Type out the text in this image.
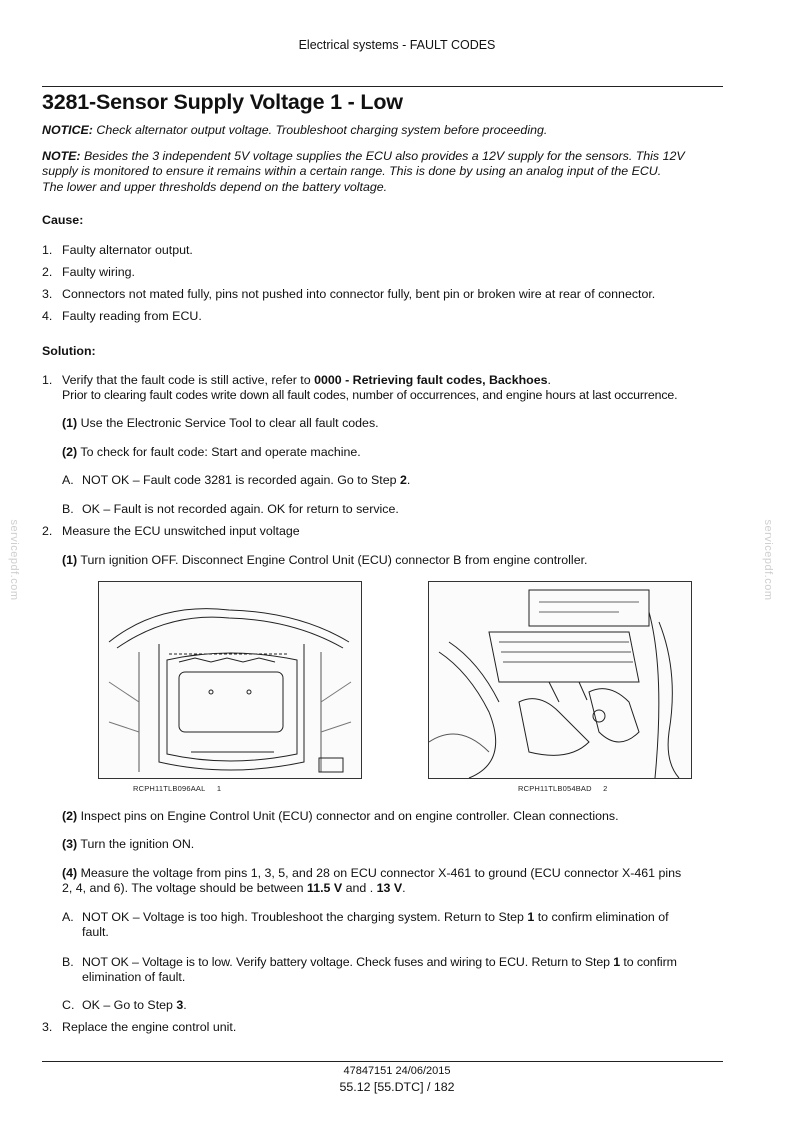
Electrical systems - FAULT CODES
3281-Sensor Supply Voltage 1 - Low
NOTICE: Check alternator output voltage. Troubleshoot charging system before proceeding.
NOTE: Besides the 3 independent 5V voltage supplies the ECU also provides a 12V supply for the sensors. This 12V
supply is monitored to ensure it remains within a certain range. This is done by using an analog input of the ECU.
The lower and upper thresholds depend on the battery voltage.
Cause:
1. Faulty alternator output.
2. Faulty wiring.
3. Connectors not mated fully, pins not pushed into connector fully, bent pin or broken wire at rear of connector.
4. Faulty reading from ECU.
Solution:
1. Verify that the fault code is still active, refer to 0000 - Retrieving fault codes, Backhoes.
Prior to clearing fault codes write down all fault codes, number of occurrences, and engine hours at last occurrence.
(1) Use the Electronic Service Tool to clear all fault codes.
(2) To check for fault code: Start and operate machine.
A. NOT OK – Fault code 3281 is recorded again. Go to Step 2.
B. OK – Fault is not recorded again. OK for return to service.
2. Measure the ECU unswitched input voltage
(1) Turn ignition OFF. Disconnect Engine Control Unit (ECU) connector B from engine controller.
RCPH11TLB096AAL 1	RCPH11TLB054BAD 2
(2) Inspect pins on Engine Control Unit (ECU) connector and on engine controller. Clean connections.
(3) Turn the ignition ON.
(4) Measure the voltage from pins 1, 3, 5, and 28 on ECU connector X-461 to ground (ECU connector X-461 pins
2, 4, and 6). The voltage should be between 11.5 V and . 13 V.
A. NOT OK – Voltage is too high. Troubleshoot the charging system. Return to Step 1 to confirm elimination of
fault.
B. NOT OK – Voltage is to low. Verify battery voltage. Check fuses and wiring to ECU. Return to Step 1 to confirm
elimination of fault.
C. OK – Go to Step 3.
3. Replace the engine control unit.
servicepdf.com	servicepdf.com
47847151 24/06/2015
55.12 [55.DTC] / 182
